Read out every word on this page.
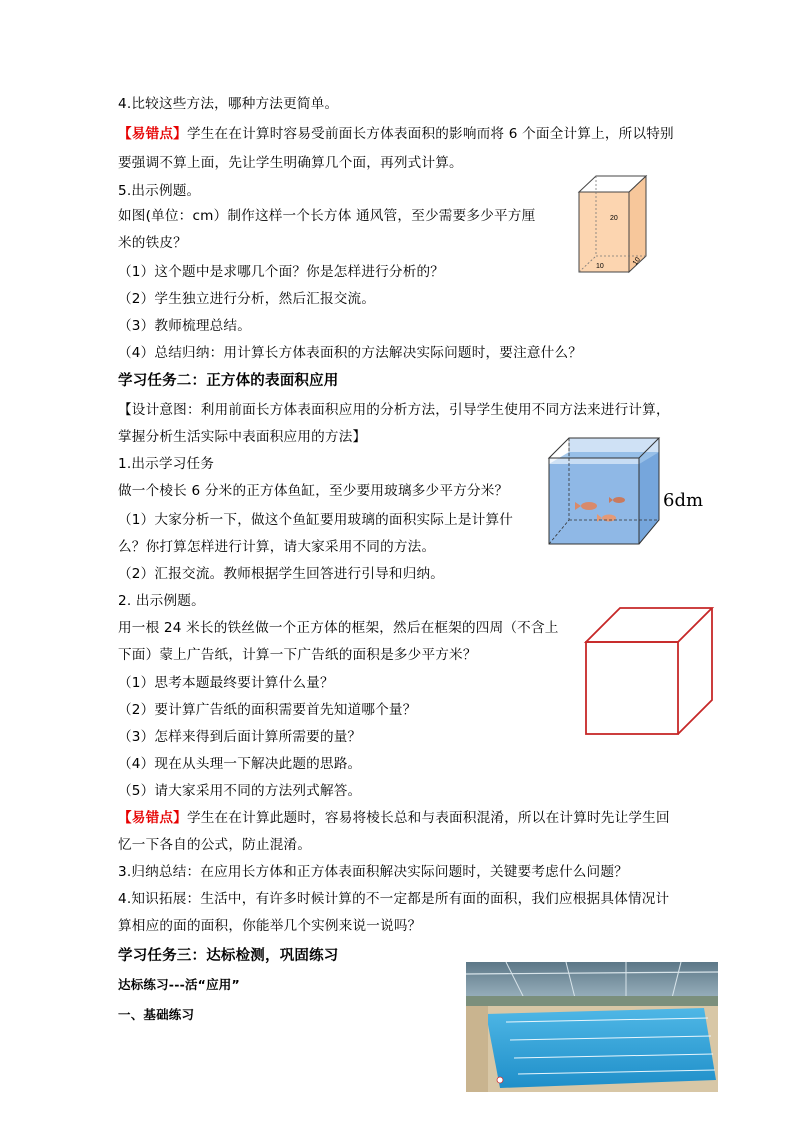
4.比较这些方法，哪种方法更简单。

【易错点】学生在在计算时容易受前面长方体表面积的影响而将 6 个面全计算上，所以特别

要强调不算上面，先让学生明确算几个面，再列式计算。

5.出示例题。

如图(单位：cm）制作这样一个长方体 通风管，至少需要多少平方厘

米的铁皮？

（1）这个题中是求哪几个面？你是怎样进行分析的？

（2）学生独立进行分析，然后汇报交流。

（3）教师梳理总结。

（4）总结归纳：用计算长方体表面积的方法解决实际问题时，要注意什么？

20
10	10

学习任务二：正方体的表面积应用

【设计意图：利用前面长方体表面积应用的分析方法，引导学生使用不同方法来进行计算，

掌握分析生活实际中表面积应用的方法】

1.出示学习任务

做一个棱长 6 分米的正方体鱼缸，至少要用玻璃多少平方分米？

（1）大家分析一下，做这个鱼缸要用玻璃的面积实际上是计算什

么？你打算怎样进行计算，请大家采用不同的方法。

（2）汇报交流。教师根据学生回答进行引导和归纳。

2. 出示例题。

用一根 24 米长的铁丝做一个正方体的框架，然后在框架的四周（不含上

下面）蒙上广告纸，计算一下广告纸的面积是多少平方米？

（1）思考本题最终要计算什么量？

（2）要计算广告纸的面积需要首先知道哪个量？

（3）怎样来得到后面计算所需要的量？

（4）现在从头理一下解决此题的思路。

（5）请大家采用不同的方法列式解答。

【易错点】学生在在计算此题时，容易将棱长总和与表面积混淆，所以在计算时先让学生回

忆一下各自的公式，防止混淆。

3.归纳总结：在应用长方体和正方体表面积解决实际问题时，关键要考虑什么问题？

4.知识拓展：生活中，有许多时候计算的不一定都是所有面的面积，我们应根据具体情况计

算相应的面的面积，你能举几个实例来说一说吗？

6dm

学习任务三：达标检测，巩固练习

达标练习---活“应用”

一、基础练习
